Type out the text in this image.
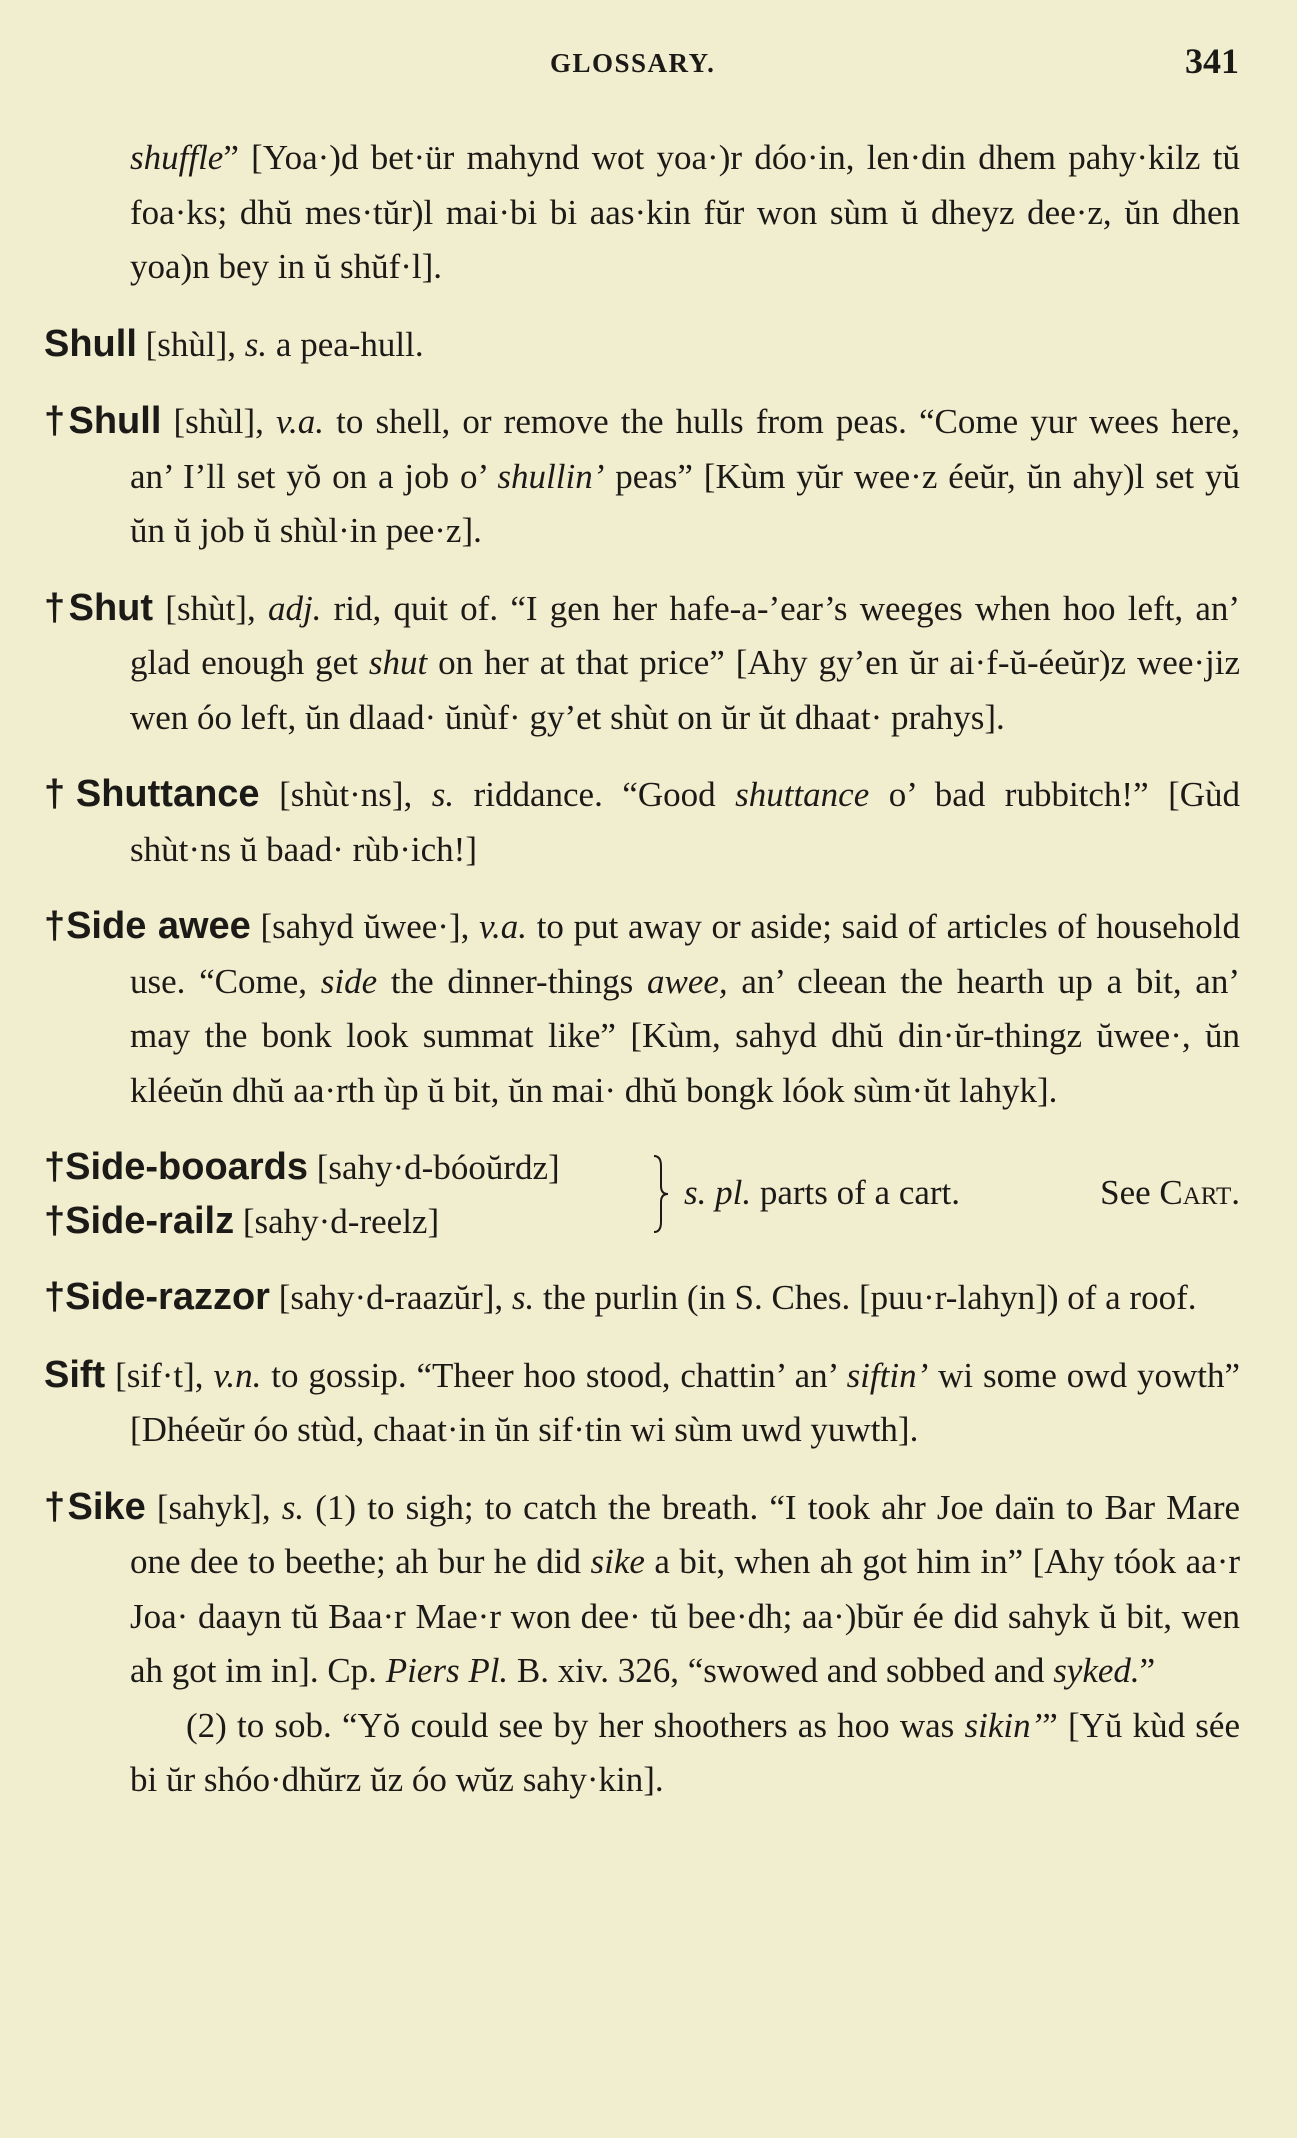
GLOSSARY.	341

shuffle” [Yoa·)d bet·ür mahynd wot yoa·)r dóo·in, len·din dhem pahy·kilz tŭ foa·ks; dhŭ mes·tŭr)l mai·bi bi aas·kin fŭr won sùm ŭ dheyz dee·z, ŭn dhen yoa)n bey in ŭ shŭf·l].

Shull [shùl], s. a pea-hull.

†Shull [shùl], v.a. to shell, or remove the hulls from peas. “Come yur wees here, an’ I’ll set yŏ on a job o’ shullin’ peas” [Kùm yŭr wee·z éeŭr, ŭn ahy)l set yŭ ŭn ŭ job ŭ shùl·in pee·z].

†Shut [shùt], adj. rid, quit of. “I gen her hafe-a-’ear’s weeges when hoo left, an’ glad enough get shut on her at that price” [Ahy gy’en ŭr ai·f-ŭ-éeŭr)z wee·jiz wen óo left, ŭn dlaad· ŭnùf· gy’et shùt on ŭr ŭt dhaat· prahys].

†Shuttance [shùt·ns], s. riddance. “Good shuttance o’ bad rubbitch!” [Gùd shùt·ns ŭ baad· rùb·ich!]

†Side awee [sahyd ŭwee·], v.a. to put away or aside; said of articles of household use. “Come, side the dinner-things awee, an’ cleean the hearth up a bit, an’ may the bonk look summat like” [Kùm, sahyd dhŭ din·ŭr-thingz ŭwee·, ŭn kléeŭn dhŭ aa·rth ùp ŭ bit, ŭn mai· dhŭ bongk lóok sùm·ŭt lahyk].

†Side-booards [sahy·d-bóoŭrdz]
†Side-railz [sahy·d-reelz]
s. pl. parts of a cart.	See Cart.

†Side-razzor [sahy·d-raazŭr], s. the purlin (in S. Ches. [puu·r-lahyn]) of a roof.

Sift [sif·t], v.n. to gossip. “Theer hoo stood, chattin’ an’ siftin’ wi some owd yowth” [Dhéeŭr óo stùd, chaat·in ŭn sif·tin wi sùm uwd yuwth].

†Sike [sahyk], s. (1) to sigh; to catch the breath. “I took ahr Joe daïn to Bar Mare one dee to beethe; ah bur he did sike a bit, when ah got him in” [Ahy tóok aa·r Joa· daayn tŭ Baa·r Mae·r won dee· tŭ bee·dh; aa·)bŭr ée did sahyk ŭ bit, wen ah got im in]. Cp. Piers Pl. B. xiv. 326, “swowed and sobbed and syked.”

(2) to sob. “Yŏ could see by her shoothers as hoo was sikin’” [Yŭ kùd sée bi ŭr shóo·dhŭrz ŭz óo wŭz sahy·kin].
